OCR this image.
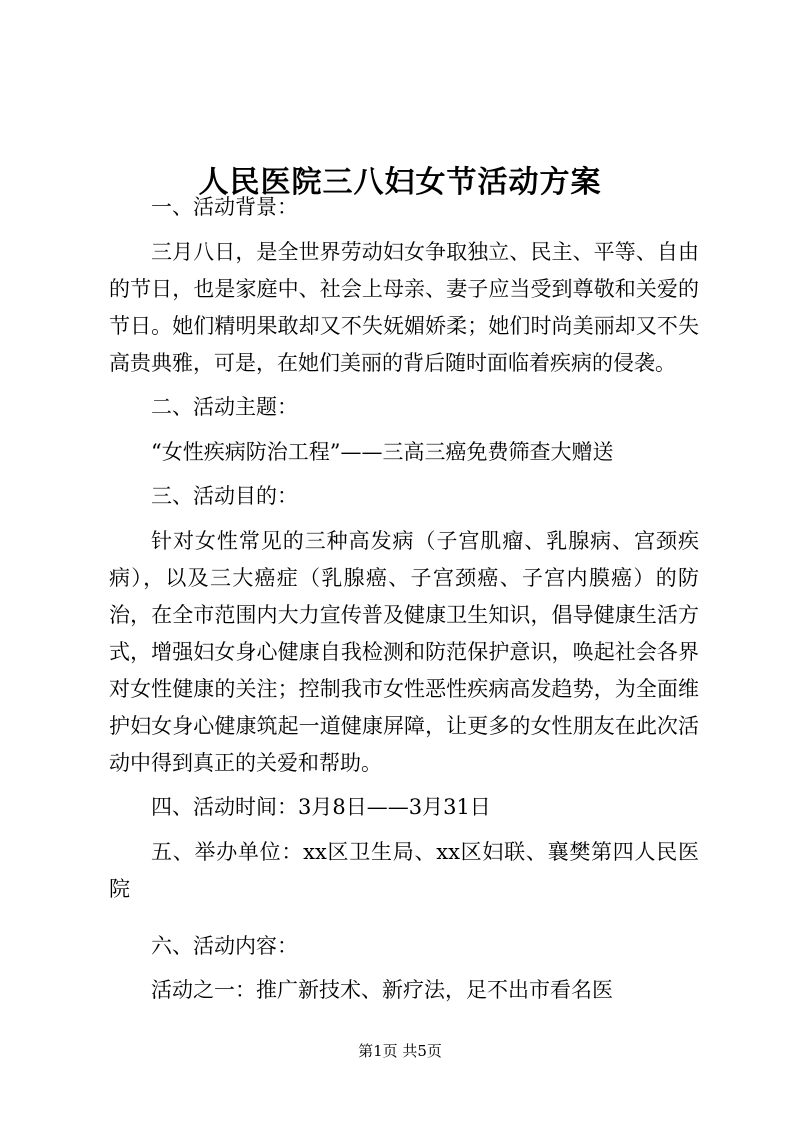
人民医院三八妇女节活动方案

一、活动背景：

三月八日，是全世界劳动妇女争取独立、民主、平等、自由的节日，也是家庭中、社会上母亲、妻子应当受到尊敬和关爱的节日。她们精明果敢却又不失妩媚娇柔；她们时尚美丽却又不失高贵典雅，可是，在她们美丽的背后随时面临着疾病的侵袭。

二、活动主题：

“女性疾病防治工程”——三高三癌免费筛查大赠送

三、活动目的：

针对女性常见的三种高发病（子宫肌瘤、乳腺病、宫颈疾病），以及三大癌症（乳腺癌、子宫颈癌、子宫内膜癌）的防治，在全市范围内大力宣传普及健康卫生知识，倡导健康生活方式，增强妇女身心健康自我检测和防范保护意识，唤起社会各界对女性健康的关注；控制我市女性恶性疾病高发趋势，为全面维护妇女身心健康筑起一道健康屏障，让更多的女性朋友在此次活动中得到真正的关爱和帮助。

四、活动时间：3月8日——3月31日

五、举办单位：xx区卫生局、xx区妇联、襄樊第四人民医院

六、活动内容：

活动之一：推广新技术、新疗法，足不出市看名医

第1页 共5页
